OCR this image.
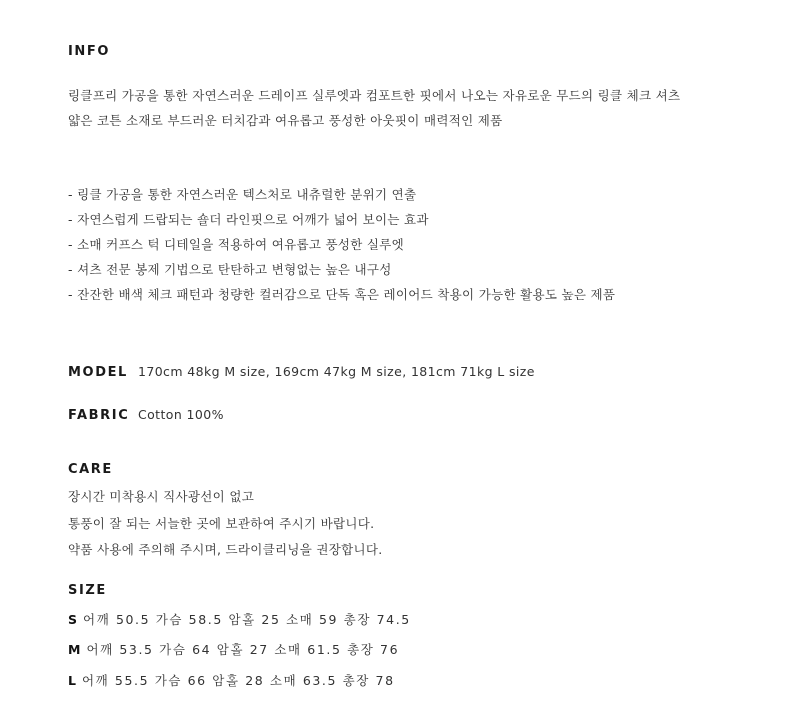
INFO
링클프리 가공을 통한 자연스러운 드레이프 실루엣과 컴포트한 핏에서 나오는 자유로운 무드의 링클 체크 셔츠
얇은 코튼 소재로 부드러운 터치감과 여유롭고 풍성한 아웃핏이 매력적인 제품
- 링클 가공을 통한 자연스러운 텍스처로 내츄럴한 분위기 연출
- 자연스럽게 드랍되는 숄더 라인핏으로 어깨가 넓어 보이는 효과
- 소매 커프스 턱 디테일을 적용하여 여유롭고 풍성한 실루엣
- 셔츠 전문 봉제 기법으로 탄탄하고 변형없는 높은 내구성
- 잔잔한 배색 체크 패턴과 청량한 컬러감으로 단독 혹은 레이어드 착용이 가능한 활용도 높은 제품
MODEL 170cm 48kg M size, 169cm 47kg M size, 181cm 71kg L size
FABRIC Cotton 100%
CARE
장시간 미착용시 직사광선이 없고
통풍이 잘 되는 서늘한 곳에 보관하여 주시기 바랍니다.
약품 사용에 주의해 주시며, 드라이클리닝을 권장합니다.
SIZE
S 어깨 50.5 가슴 58.5 암홀 25 소매 59 총장 74.5
M 어깨 53.5 가슴 64 암홀 27 소매 61.5 총장 76
L 어깨 55.5 가슴 66 암홀 28 소매 63.5 총장 78
